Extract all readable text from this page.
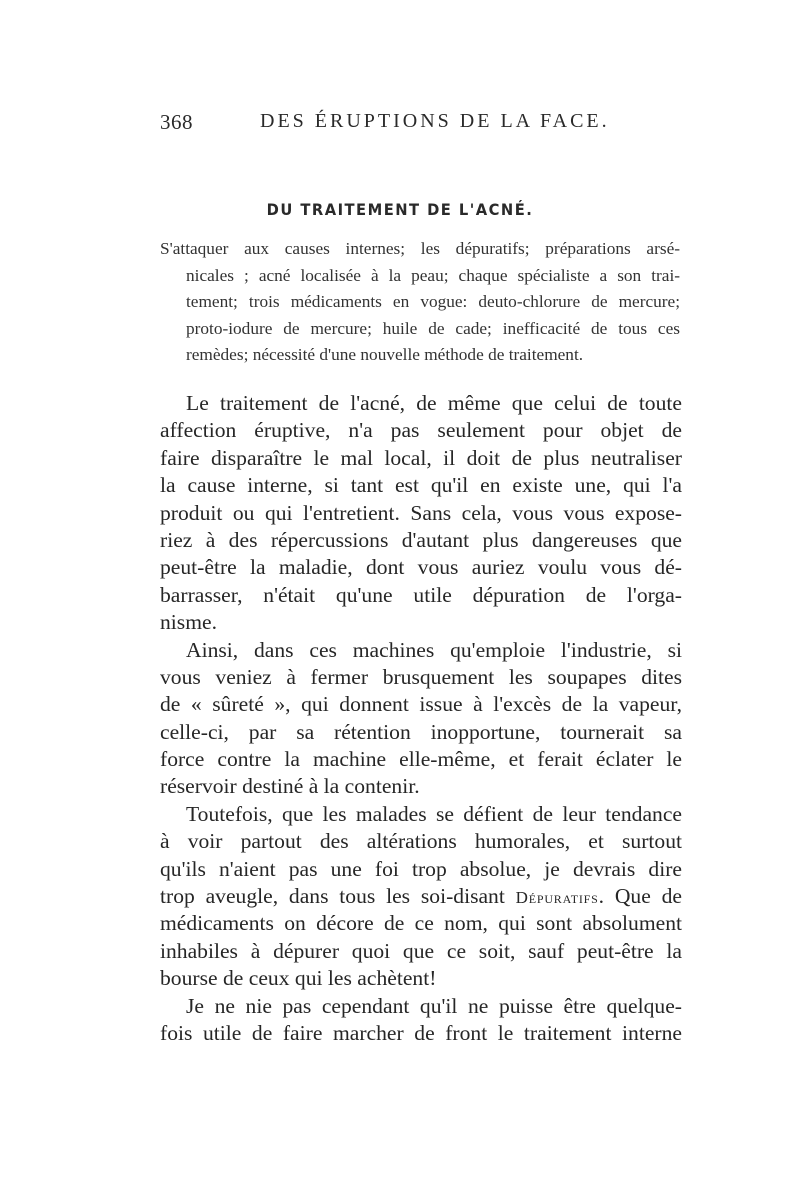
368	DES ÉRUPTIONS DE LA FACE.
DU TRAITEMENT DE L'ACNÉ.
S'attaquer aux causes internes; les dépuratifs; préparations arsé-
nicales ; acné localisée à la peau; chaque spécialiste a son trai-
tement; trois médicaments en vogue: deuto-chlorure de mercure;
proto-iodure de mercure; huile de cade; inefficacité de tous ces
remèdes; nécessité d'une nouvelle méthode de traitement.
Le traitement de l'acné, de même que celui de toute
affection éruptive, n'a pas seulement pour objet de
faire disparaître le mal local, il doit de plus neutraliser
la cause interne, si tant est qu'il en existe une, qui l'a
produit ou qui l'entretient. Sans cela, vous vous expose-
riez à des répercussions d'autant plus dangereuses que
peut-être la maladie, dont vous auriez voulu vous dé-
barrasser, n'était qu'une utile dépuration de l'orga-
nisme.
Ainsi, dans ces machines qu'emploie l'industrie, si
vous veniez à fermer brusquement les soupapes dites
de « sûreté », qui donnent issue à l'excès de la vapeur,
celle-ci, par sa rétention inopportune, tournerait sa
force contre la machine elle-même, et ferait éclater le
réservoir destiné à la contenir.
Toutefois, que les malades se défient de leur tendance
à voir partout des altérations humorales, et surtout
qu'ils n'aient pas une foi trop absolue, je devrais dire
trop aveugle, dans tous les soi-disant Dépuratifs. Que de
médicaments on décore de ce nom, qui sont absolument
inhabiles à dépurer quoi que ce soit, sauf peut-être la
bourse de ceux qui les achètent!
Je ne nie pas cependant qu'il ne puisse être quelque-
fois utile de faire marcher de front le traitement interne
